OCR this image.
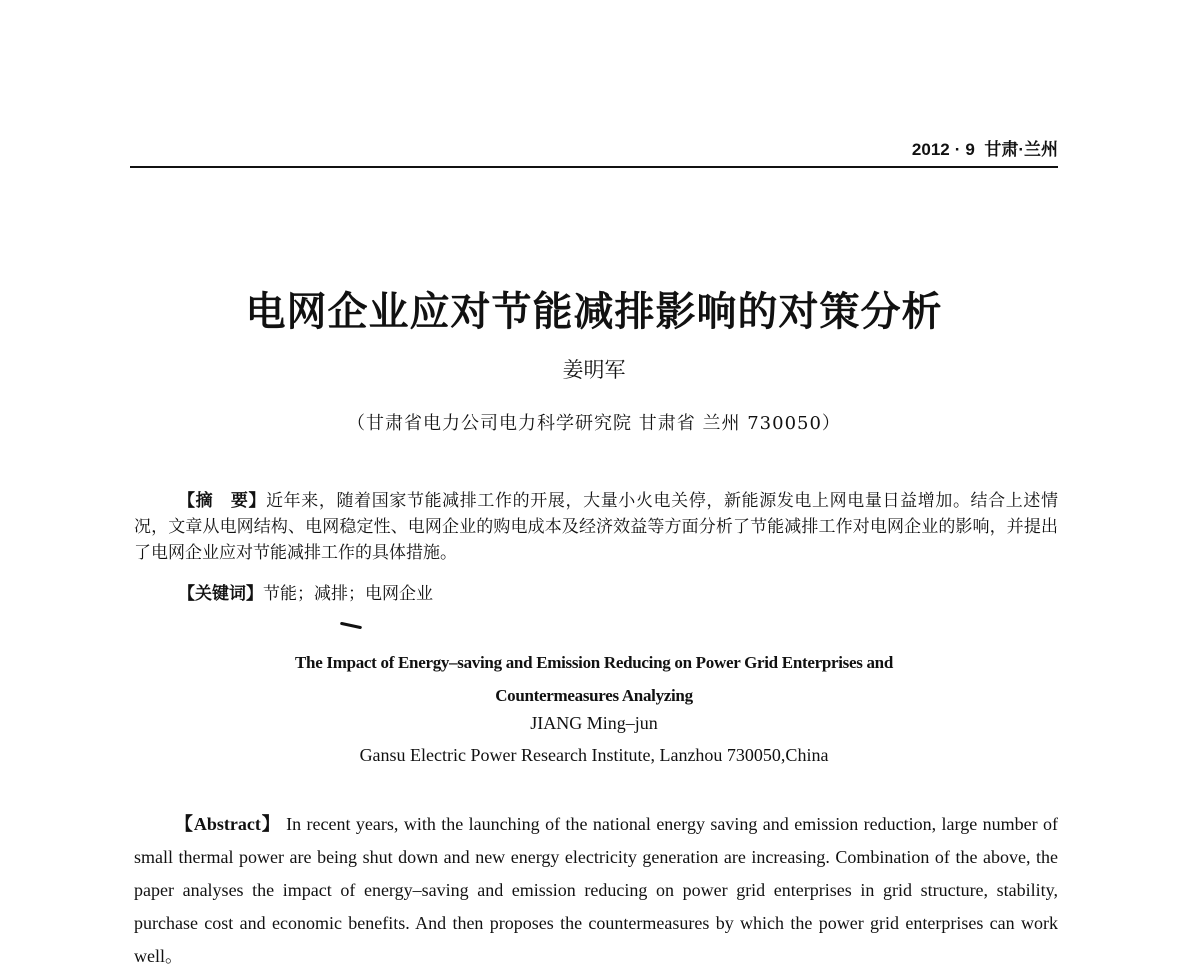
2012 · 9 甘肃·兰州
电网企业应对节能减排影响的对策分析
姜明军
（甘肃省电力公司电力科学研究院 甘肃省 兰州 730050）
【摘　要】近年来，随着国家节能减排工作的开展，大量小火电关停，新能源发电上网电量日益增加。结合上述情况，文章从电网结构、电网稳定性、电网企业的购电成本及经济效益等方面分析了节能减排工作对电网企业的影响，并提出了电网企业应对节能减排工作的具体措施。
【关键词】节能；减排；电网企业
The Impact of Energy–saving and Emission Reducing on Power Grid Enterprises and
Countermeasures Analyzing
JIANG Ming–jun
Gansu Electric Power Research Institute, Lanzhou 730050,China
【Abstract】 In recent years, with the launching of the national energy saving and emission reduction, large number of small thermal power are being shut down and new energy electricity generation are increasing. Combination of the above, the paper analyses the impact of energy–saving and emission reducing on power grid enterprises in grid structure, stability, purchase cost and economic benefits. And then proposes the countermeasures by which the power grid enterprises can work well。
